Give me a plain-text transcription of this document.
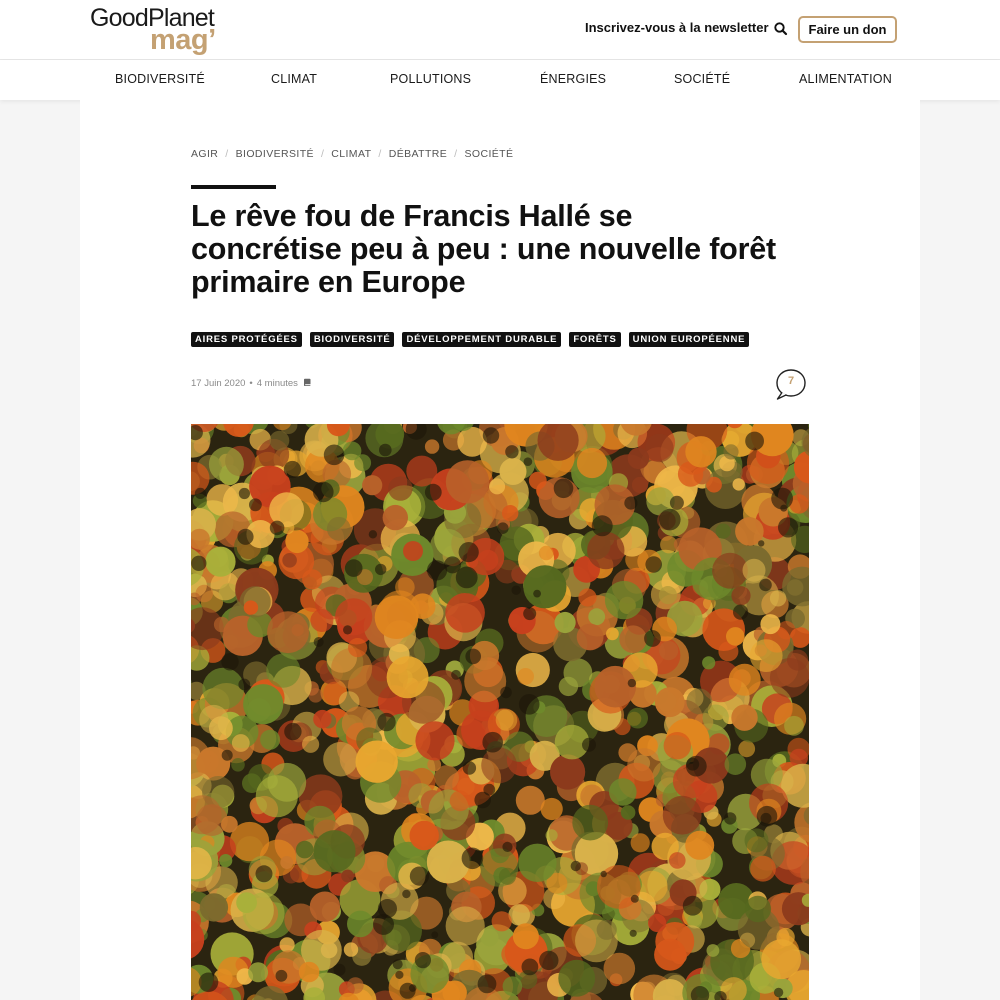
GoodPlanet
mag’	Inscrivez-vous à la newsletter	Faire un don
BIODIVERSITÉ	CLIMAT	POLLUTIONS	ÉNERGIES	SOCIÉTÉ	ALIMENTATION
AGIR / BIODIVERSITÉ / CLIMAT / DÉBATTRE / SOCIÉTÉ
Le rêve fou de Francis Hallé se concrétise peu à peu : une nouvelle forêt primaire en Europe
AIRES PROTÉGÉES BIODIVERSITÉ DÉVELOPPEMENT DURABLE FORÊTS UNION EUROPÉENNE
17 Juin 2020 • 4 minutes	7
